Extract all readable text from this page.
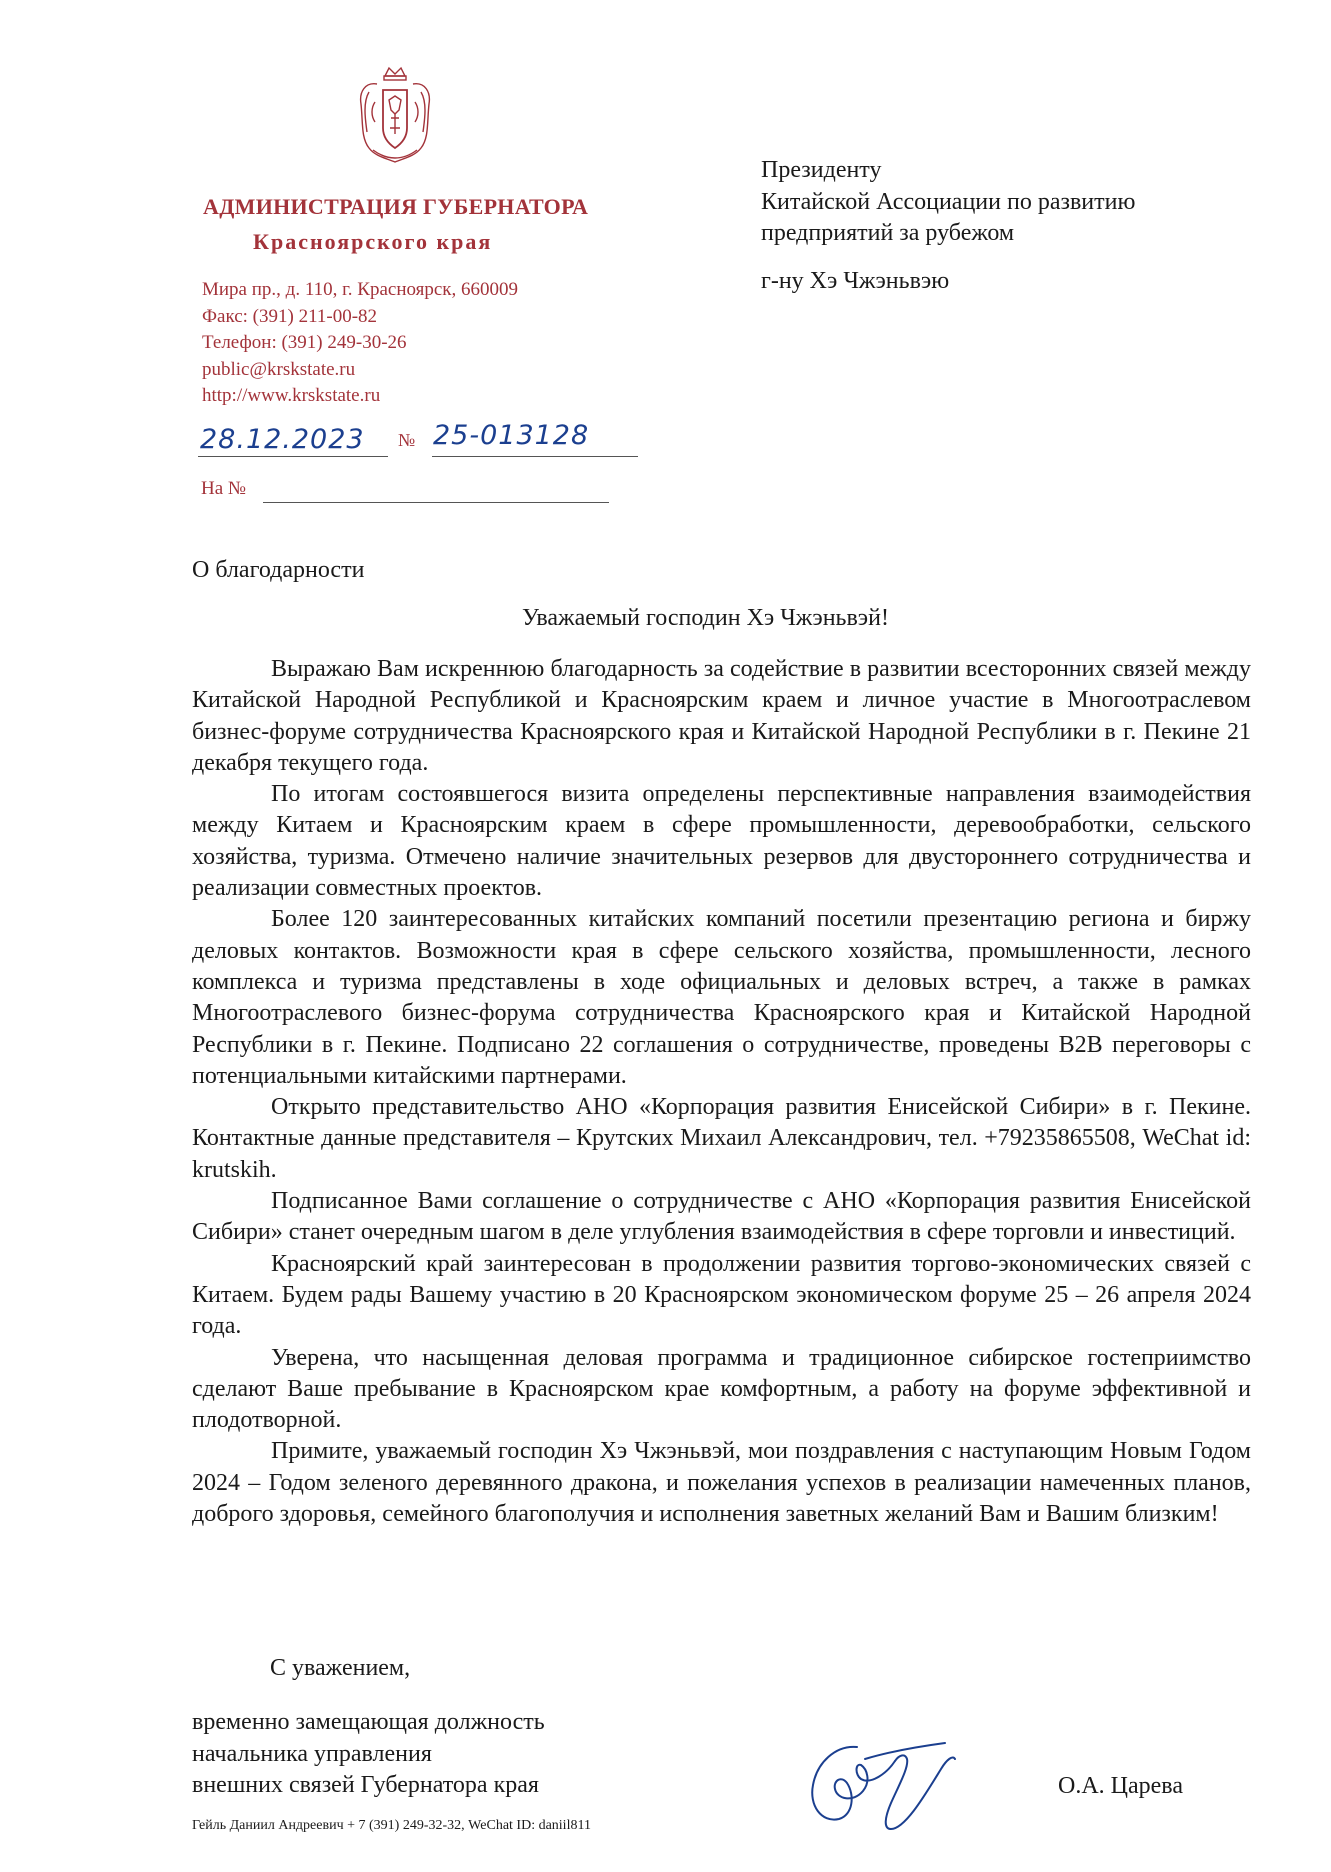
АДМИНИСТРАЦИЯ ГУБЕРНАТОРА
Красноярского края
Мира пр., д. 110, г. Красноярск, 660009
Факс: (391) 211-00-82
Телефон: (391) 249-30-26
public@krskstate.ru
http://www.krskstate.ru
28.12.2023 № 25-013128
На №
Президенту
Китайской Ассоциации по развитию
предприятий за рубежом
г-ну Хэ Чжэньвэю
О благодарности
Уважаемый господин Хэ Чжэньвэй!

Выражаю Вам искреннюю благодарность за содействие в развитии всесторонних связей между Китайской Народной Республикой и Красноярским краем и личное участие в Многоотраслевом бизнес-форуме сотрудничества Красноярского края и Китайской Народной Республики в г. Пекине 21 декабря текущего года.

По итогам состоявшегося визита определены перспективные направления взаимодействия между Китаем и Красноярским краем в сфере промышленности, деревообработки, сельского хозяйства, туризма. Отмечено наличие значительных резервов для двустороннего сотрудничества и реализации совместных проектов.

Более 120 заинтересованных китайских компаний посетили презентацию региона и биржу деловых контактов. Возможности края в сфере сельского хозяйства, промышленности, лесного комплекса и туризма представлены в ходе официальных и деловых встреч, а также в рамках Многоотраслевого бизнес-форума сотрудничества Красноярского края и Китайской Народной Республики в г. Пекине. Подписано 22 соглашения о сотрудничестве, проведены B2B переговоры с потенциальными китайскими партнерами.

Открыто представительство АНО «Корпорация развития Енисейской Сибири» в г. Пекине. Контактные данные представителя – Крутских Михаил Александрович, тел. +79235865508, WeChat id: krutskih.

Подписанное Вами соглашение о сотрудничестве с АНО «Корпорация развития Енисейской Сибири» станет очередным шагом в деле углубления взаимодействия в сфере торговли и инвестиций.

Красноярский край заинтересован в продолжении развития торгово-экономических связей с Китаем. Будем рады Вашему участию в 20 Красноярском экономическом форуме 25 – 26 апреля 2024 года.

Уверена, что насыщенная деловая программа и традиционное сибирское гостеприимство сделают Ваше пребывание в Красноярском крае комфортным, а работу на форуме эффективной и плодотворной.

Примите, уважаемый господин Хэ Чжэньвэй, мои поздравления с наступающим Новым Годом 2024 – Годом зеленого деревянного дракона, и пожелания успехов в реализации намеченных планов, доброго здоровья, семейного благополучия и исполнения заветных желаний Вам и Вашим близким!

С уважением,
временно замещающая должность
начальника управления
внешних связей Губернатора края	О.А. Царева
Гейль Даниил Андреевич + 7 (391) 249-32-32, WeChat ID: daniil811
